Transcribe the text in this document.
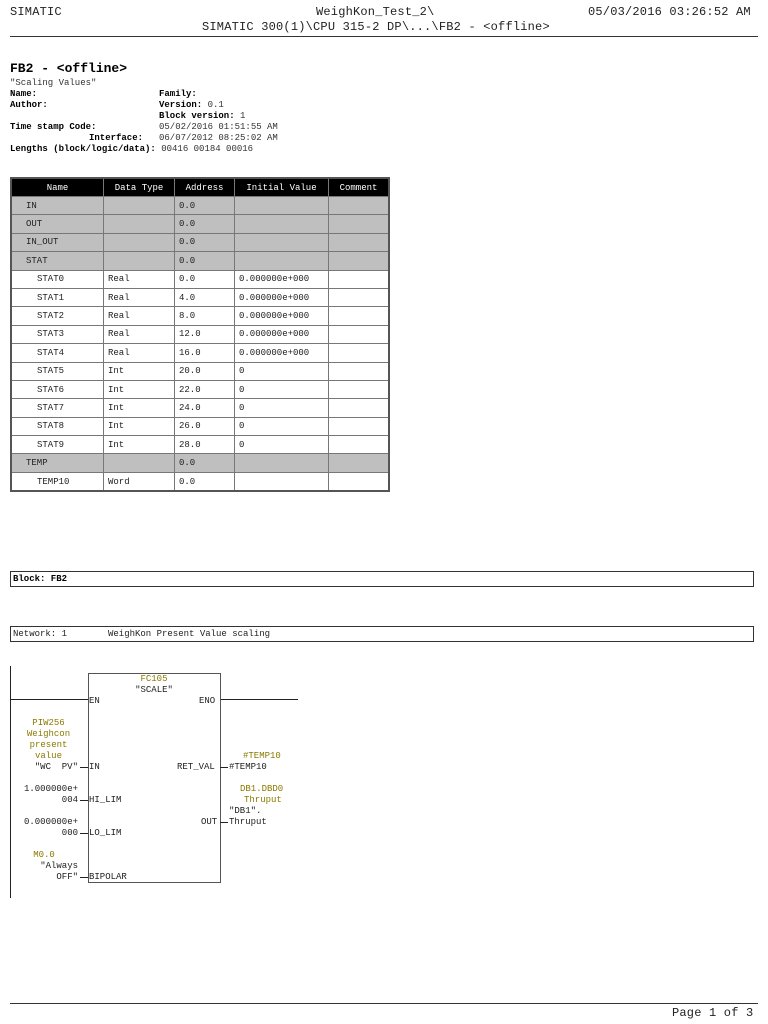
SIMATIC	WeighKon_Test_2\	05/03/2016 03:26:52 AM
SIMATIC 300(1)\CPU 315-2 DP\...\FB2 - <offline>
FB2 - <offline>
"Scaling Values"
Name:
Author:
Family:
Version: 0.1
Block version: 1
Time stamp Code:	05/02/2016 01:51:55 AM
Interface: 06/07/2012 08:25:02 AM
Lengths (block/logic/data): 00416 00184 00016
Name	Data Type	Address	Initial Value	Comment
IN		0.0		
OUT		0.0		
IN_OUT		0.0		
STAT		0.0		
STAT0	Real	0.0	0.000000e+000	
STAT1	Real	4.0	0.000000e+000	
STAT2	Real	8.0	0.000000e+000	
STAT3	Real	12.0	0.000000e+000	
STAT4	Real	16.0	0.000000e+000	
STAT5	Int	20.0	0	
STAT6	Int	22.0	0	
STAT7	Int	24.0	0	
STAT8	Int	26.0	0	
STAT9	Int	28.0	0	
TEMP		0.0		
TEMP10	Word	0.0		
Block: FB2
Network: 1	WeighKon Present Value scaling
FC105
"SCALE"
EN	ENO
PIW256
Weighcon
present
value
"WC  PV" IN
1.000000e+
004 HI_LIM
0.000000e+
000 LO_LIM
M0.0
"Always
OFF" BIPOLAR
#TEMP10
RET_VAL #TEMP10
DB1.DBD0
Thruput
"DB1".
OUT Thruput
Page 1 of 3
